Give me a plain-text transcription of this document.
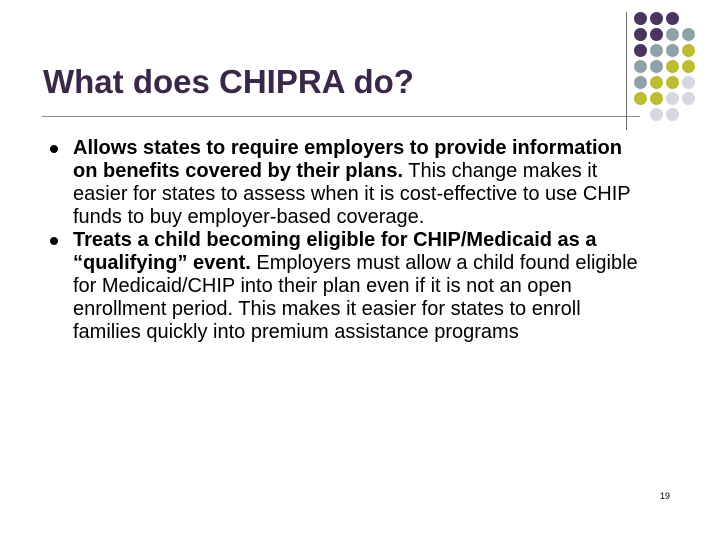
What does CHIPRA do?
Allows states to require employers to provide information on benefits covered by their plans. This change makes it easier for states to assess when it is cost-effective to use CHIP funds to buy employer-based coverage.
Treats a child becoming eligible for CHIP/Medicaid as a “qualifying” event. Employers must allow a child found eligible for Medicaid/CHIP into their plan even if it is not an open enrollment period. This makes it easier for states to enroll families quickly into premium assistance programs
19
